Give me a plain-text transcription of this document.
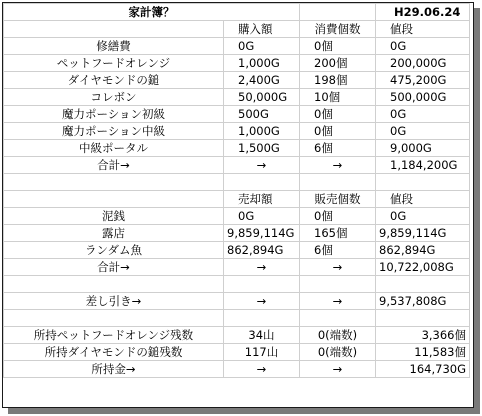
家計簿？			H29.06.24
	購入額	消費個数	値段
修繕費	0G	0個	0G
ペットフードオレンジ	1,000G	200個	200,000G
ダイヤモンドの鎚	2,400G	198個	475,200G
コレボン	50,000G	10個	500,000G
魔力ポーション初級	500G	0個	0G
魔力ポーション中級	1,000G	0個	0G
中級ポータル	1,500G	6個	9,000G
合計→	→	→	1,184,200G

	売却額	販売個数	値段
泥銭	0G	0個	0G
露店	9,859,114G	165個	9,859,114G
ランダム魚	862,894G	6個	862,894G
合計→	→	→	10,722,008G

差し引き→	→	→	9,537,808G

所持ペットフードオレンジ残数	34山	0(端数)	3,366個
所持ダイヤモンドの鎚残数	117山	0(端数)	11,583個
所持金→	→	→	164,730G
